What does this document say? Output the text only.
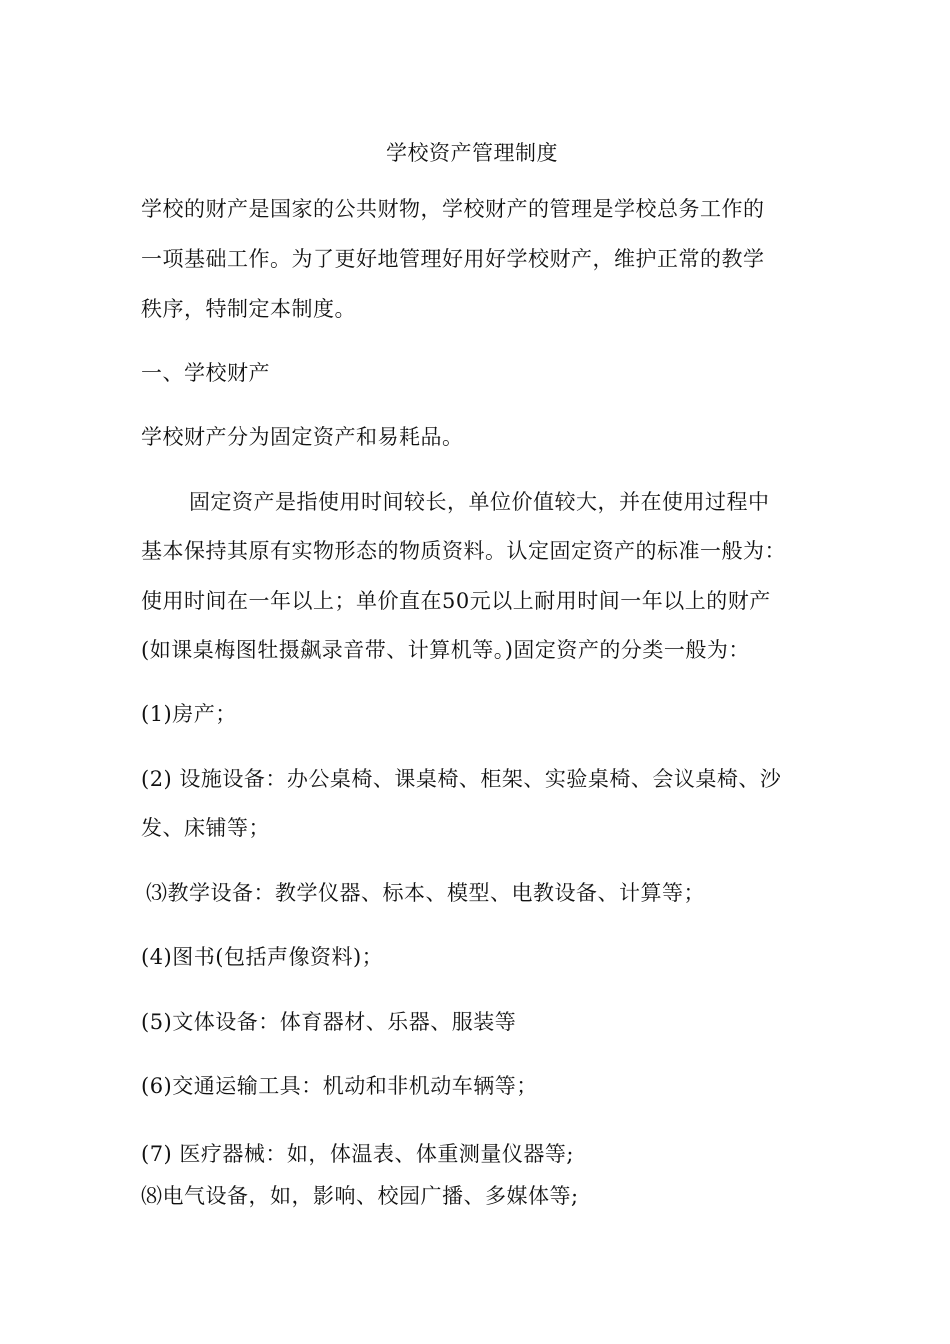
学校资产管理制度
学校的财产是国家的公共财物，学校财产的管理是学校总务工作的
一项基础工作。为了更好地管理好用好学校财产，维护正常的教学
秩序，特制定本制度。
一、学校财产
学校财产分为固定资产和易耗品。
固定资产是指使用时间较长，单位价值较大，并在使用过程中
基本保持其原有实物形态的物质资料。认定固定资产的标准一般为：
使用时间在一年以上；单价直在50元以上耐用时间一年以上的财产
(如课桌梅图牡摄飙录音带、计算机等。)固定资产的分类一般为：
(1)房产；
(2) 设施设备：办公桌椅、课桌椅、柜架、实验桌椅、会议桌椅、沙
发、床铺等；
⑶教学设备：教学仪器、标本、模型、电教设备、计算等；
(4)图书(包括声像资料)；
(5)文体设备：体育器材、乐器、服装等
(6)交通运输工具：机动和非机动车辆等；
(7) 医疗器械：如，体温表、体重测量仪器等;
⑻电气设备，如，影响、校园广播、多媒体等;
